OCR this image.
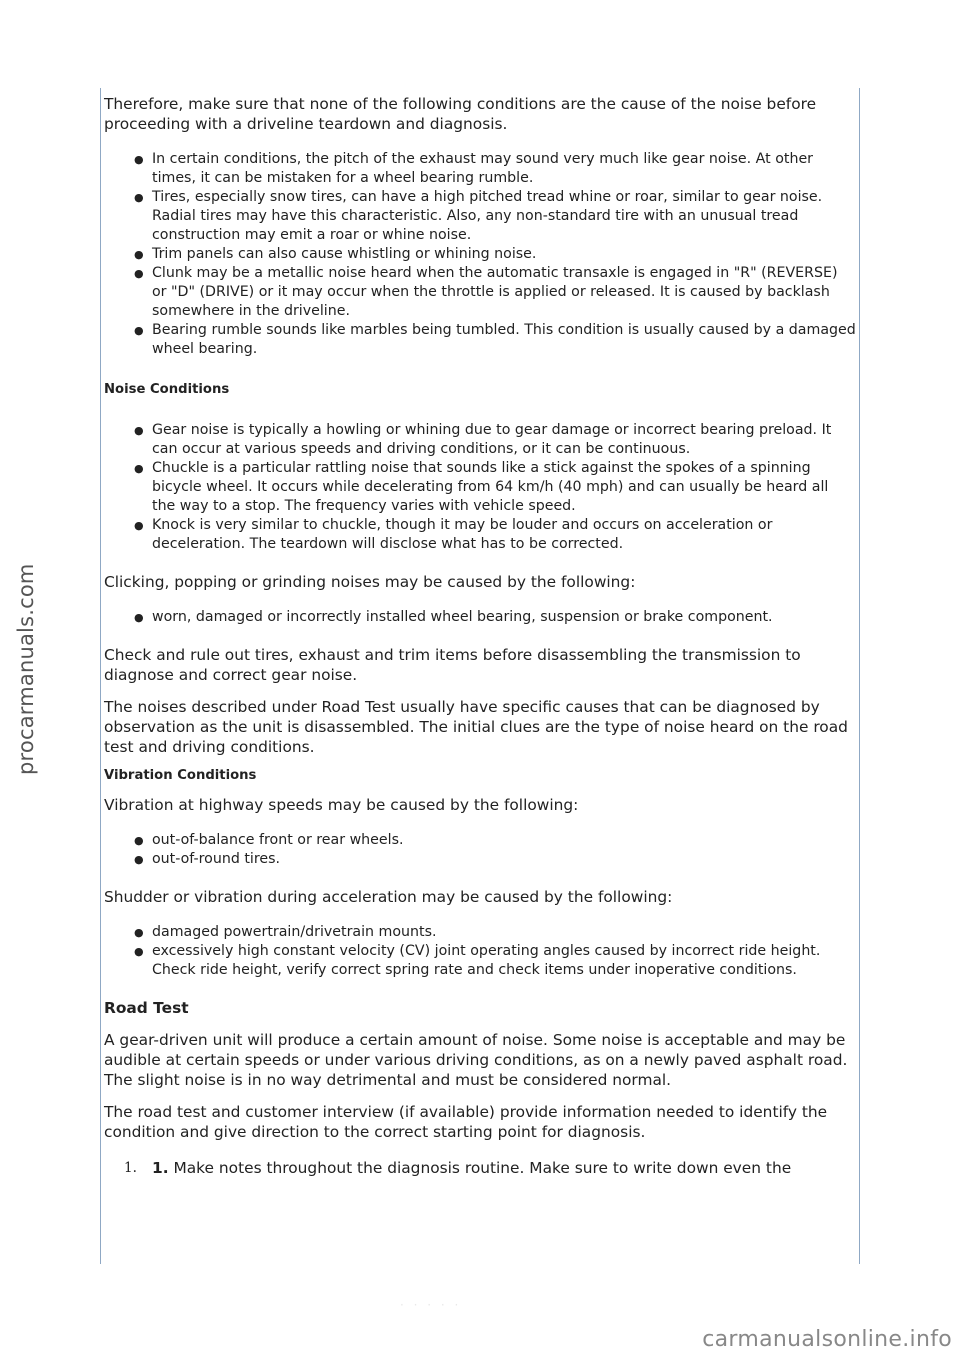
procarmanuals.com

Therefore, make sure that none of the following conditions are the cause of the noise before proceeding with a driveline teardown and diagnosis.

● In certain conditions, the pitch of the exhaust may sound very much like gear noise. At other times, it can be mistaken for a wheel bearing rumble.
● Tires, especially snow tires, can have a high pitched tread whine or roar, similar to gear noise. Radial tires may have this characteristic. Also, any non-standard tire with an unusual tread construction may emit a roar or whine noise.
● Trim panels can also cause whistling or whining noise.
● Clunk may be a metallic noise heard when the automatic transaxle is engaged in "R" (REVERSE) or "D" (DRIVE) or it may occur when the throttle is applied or released. It is caused by backlash somewhere in the driveline.
● Bearing rumble sounds like marbles being tumbled. This condition is usually caused by a damaged wheel bearing.
Noise Conditions
● Gear noise is typically a howling or whining due to gear damage or incorrect bearing preload. It can occur at various speeds and driving conditions, or it can be continuous.
● Chuckle is a particular rattling noise that sounds like a stick against the spokes of a spinning bicycle wheel. It occurs while decelerating from 64 km/h (40 mph) and can usually be heard all the way to a stop. The frequency varies with vehicle speed.
● Knock is very similar to chuckle, though it may be louder and occurs on acceleration or deceleration. The teardown will disclose what has to be corrected.

Clicking, popping or grinding noises may be caused by the following:

● worn, damaged or incorrectly installed wheel bearing, suspension or brake component.

Check and rule out tires, exhaust and trim items before disassembling the transmission to diagnose and correct gear noise.

The noises described under Road Test usually have specific causes that can be diagnosed by observation as the unit is disassembled. The initial clues are the type of noise heard on the road test and driving conditions.

Vibration Conditions

Vibration at highway speeds may be caused by the following:

● out-of-balance front or rear wheels.
● out-of-round tires.

Shudder or vibration during acceleration may be caused by the following:

● damaged powertrain/drivetrain mounts.
● excessively high constant velocity (CV) joint operating angles caused by incorrect ride height. Check ride height, verify correct spring rate and check items under inoperative conditions.
Road Test

A gear-driven unit will produce a certain amount of noise. Some noise is acceptable and may be audible at certain speeds or under various driving conditions, as on a newly paved asphalt road. The slight noise is in no way detrimental and must be considered normal.

The road test and customer interview (if available) provide information needed to identify the condition and give direction to the correct starting point for diagnosis.

1. 1. Make notes throughout the diagnosis routine. Make sure to write down even the
· · · · ·
carmanualsonline.info
